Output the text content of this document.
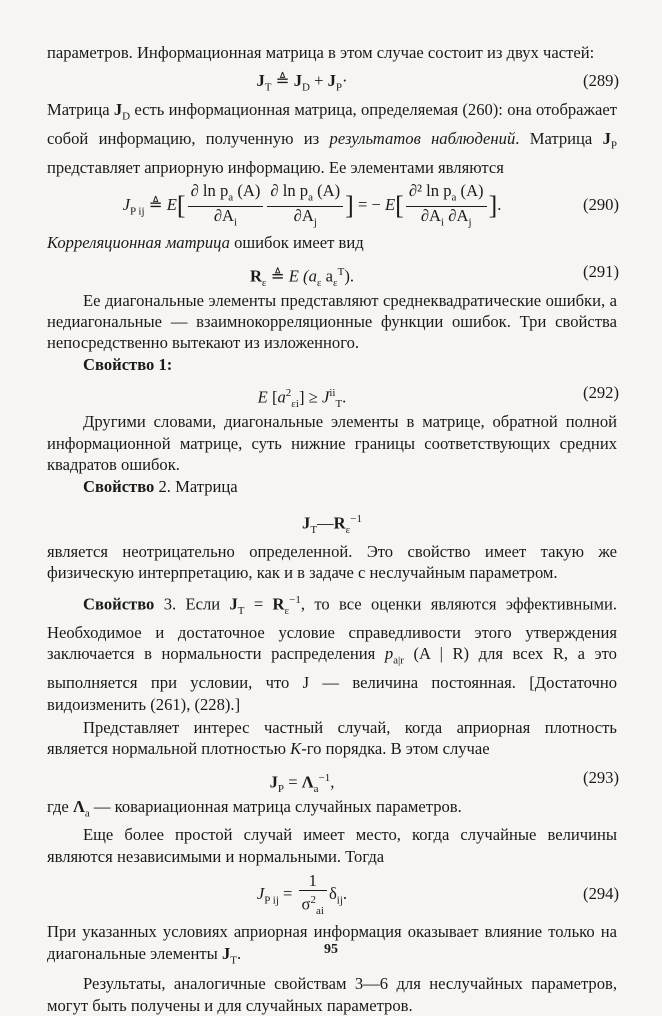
параметров. Информационная матрица в этом случае состоит из двух частей:

$J_T$ ≜ $J_D + J_P\cdot$	(289)

Матрица $J_D$ есть информационная матрица, определяемая (260): она отображает собой информацию, полученную из результатов наблюдений. Матрица $J_P$ представляет априорную информацию. Ее элементами являются

$J_{P ij}$ ≜ $E[ \frac{\partial \ln p_a (A)}{\partial A_i} \frac{\partial \ln p_a (A)}{\partial A_j}$ ] = − $E[ \frac{\partial^2 \ln p_a (A)}{\partial A_i \partial A_j}$ ].	(290)

Корреляционная матрица ошибок имеет вид

$R_\varepsilon$ ≜ E ($a_\varepsilon$ $a_\varepsilon^T$).	(291)

Ее диагональные элементы представляют среднеквадратические ошибки, а недиагональные — взаимнокорреляционные функции ошибок. Три свойства непосредственно вытекают из изложенного.

Свойство 1:

E $[a^2_{\varepsilon i}] \ge J^{ii}_T$.	(292)

Другими словами, диагональные элементы в матрице, обратной полной информационной матрице, суть нижние границы соответствующих средних квадратов ошибок.

Свойство 2. Матрица

$J_T—R_\varepsilon^{-1}$

является неотрицательно определенной. Это свойство имеет такую же физическую интерпретацию, как и в задаче с неслучайным параметром.

Свойство 3. Если $J_T = R_\varepsilon^{-1}$, то все оценки являются эффективными. Необходимое и достаточное условие справедливости этого утверждения заключается в нормальности распределения $p_{a|r}$ (A | R) для всех R, а это выполняется при условии, что J — величина постоянная. [Достаточно видоизменить (261), (228).]

Представляет интерес частный случай, когда априорная плотность является нормальной плотностью K-го порядка. В этом случае

$J_P = \Lambda_a^{-1}$,	(293)

где $\Lambda_a$ — ковариационная матрица случайных параметров.

Еще более простой случай имеет место, когда случайные величины являются независимыми и нормальными. Тогда

$J_{P ij} = \frac{1}{\sigma^2_{ai}} \delta_{ij}$.	(294)

При указанных условиях априорная информация оказывает влияние только на диагональные элементы $J_T$.

Результаты, аналогичные свойствам 3—6 для неслучайных параметров, могут быть получены и для случайных параметров.

95
